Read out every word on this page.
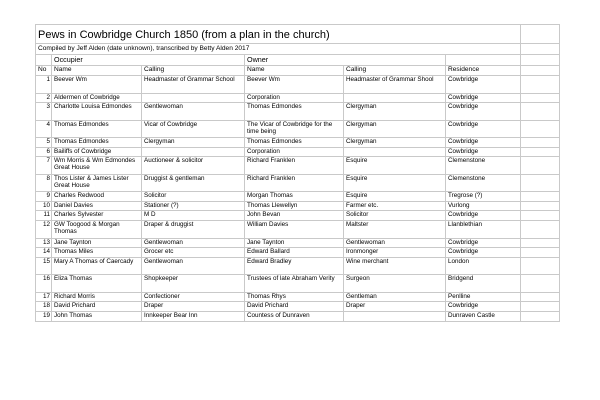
Pews in Cowbridge Church 1850 (from a plan in the church)						
Compiled by Jeff Alden (date unknown), transcribed by Betty Alden 2017						
	Occupier		Owner			
No	Name	Calling	Name	Calling	Residence	
1	Beever Wm	Headmaster of Grammar School	Beever Wm	Headmaster of Grammar Shool	Cowbridge	
2	Aldermen of Cowbridge		Corporation		Cowbridge	
3	Charlotte Louisa Edmondes	Gentlewoman	Thomas Edmondes	Clergyman	Cowbridge	
4	Thomas Edmondes	Vicar of Cowbridge	The Vicar of Cowbridge for the time being	Clergyman	Cowbridge	
5	Thomas Edmondes	Clergyman	Thomas Edmondes	Clergyman	Cowbridge	
6	Bailiffs of Cowbridge		Corporation		Cowbridge	
7	Wm Morris & Wm Edmondes Great House	Auctioneer & solicitor	Richard Franklen	Esquire	Clemenstone	
8	Thos Lister & James Lister Great House	Druggist & gentleman	Richard Franklen	Esquire	Clemenstone	
9	Charles Redwood	Solicitor	Morgan Thomas	Esquire	Tregrose (?)	
10	Daniel Davies	Stationer (?)	Thomas Llewellyn	Farmer etc.	Vurlong	
11	Charles Sylvester	M D	John Bevan	Solicitor	Cowbridge	
12	GW Toogood & Morgan Thomas	Draper & druggist	William Davies	Maltster	Llanblethian	
13	Jane Taynton	Gentlewoman	Jane Taynton	Gentlewoman	Cowbridge	
14	Thomas Miles	Grocer etc	Edward Ballard	Ironmonger	Cowbridge	
15	Mary A Thomas of Caercady	Gentlewoman	Edward Bradley	Wine merchant	London	
16	Eliza Thomas	Shopkeeper	Trustees of late Abraham Verity	Surgeon	Bridgend	
17	Richard Morris	Confectioner	Thomas Rhys	Gentleman	Penlline	
18	David Prichard	Draper	David Prichard	Draper	Cowbridge	
19	John Thomas	Innkeeper Bear Inn	Countess of Dunraven		Dunraven Castle	
